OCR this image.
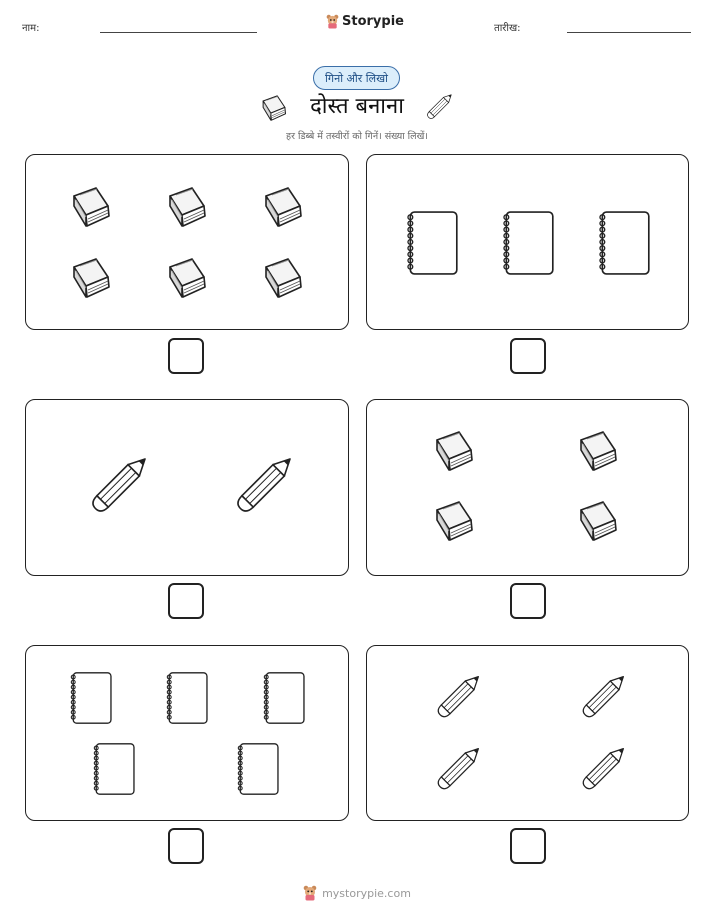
नाम:	Storypie	तारीख:
गिनो और लिखो
दोस्त बनाना
हर डिब्बे में तस्वीरों को गिनें। संख्या लिखें।
mystorypie.com
